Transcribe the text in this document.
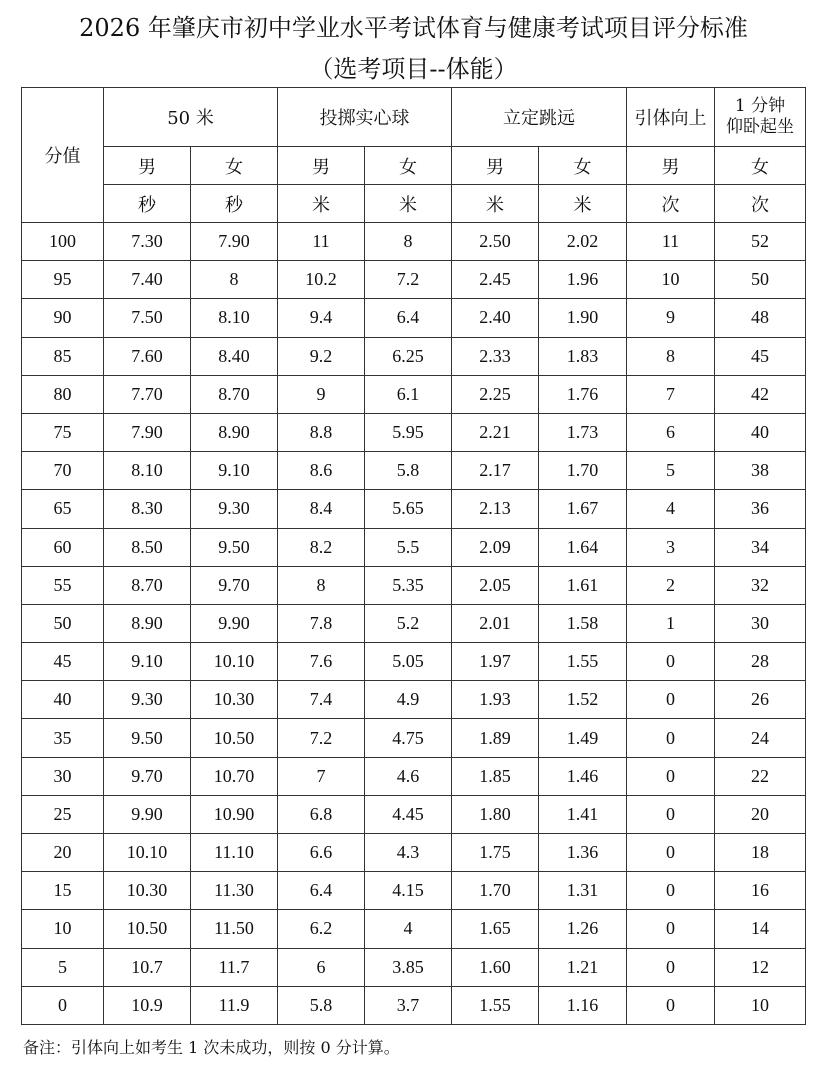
2026 年肇庆市初中学业水平考试体育与健康考试项目评分标准
（选考项目--体能）
分值	50 米		投掷实心球		立定跳远		引体向上	1 分钟
仰卧起坐

	男	女	男	女	男	女	男	女
	秒	秒	米	米	米	米	次	次
100	7.30	7.90	11	8	2.50	2.02	11	52
95	7.40	8	10.2	7.2	2.45	1.96	10	50
90	7.50	8.10	9.4	6.4	2.40	1.90	9	48
85	7.60	8.40	9.2	6.25	2.33	1.83	8	45
80	7.70	8.70	9	6.1	2.25	1.76	7	42
75	7.90	8.90	8.8	5.95	2.21	1.73	6	40
70	8.10	9.10	8.6	5.8	2.17	1.70	5	38
65	8.30	9.30	8.4	5.65	2.13	1.67	4	36
60	8.50	9.50	8.2	5.5	2.09	1.64	3	34
55	8.70	9.70	8	5.35	2.05	1.61	2	32
50	8.90	9.90	7.8	5.2	2.01	1.58	1	30
45	9.10	10.10	7.6	5.05	1.97	1.55	0	28
40	9.30	10.30	7.4	4.9	1.93	1.52	0	26
35	9.50	10.50	7.2	4.75	1.89	1.49	0	24
30	9.70	10.70	7	4.6	1.85	1.46	0	22
25	9.90	10.90	6.8	4.45	1.80	1.41	0	20
20	10.10	11.10	6.6	4.3	1.75	1.36	0	18
15	10.30	11.30	6.4	4.15	1.70	1.31	0	16
10	10.50	11.50	6.2	4	1.65	1.26	0	14
5	10.7	11.7	6	3.85	1.60	1.21	0	12
0	10.9	11.9	5.8	3.7	1.55	1.16	0	10
备注：引体向上如考生 1 次未成功，则按 0 分计算。
